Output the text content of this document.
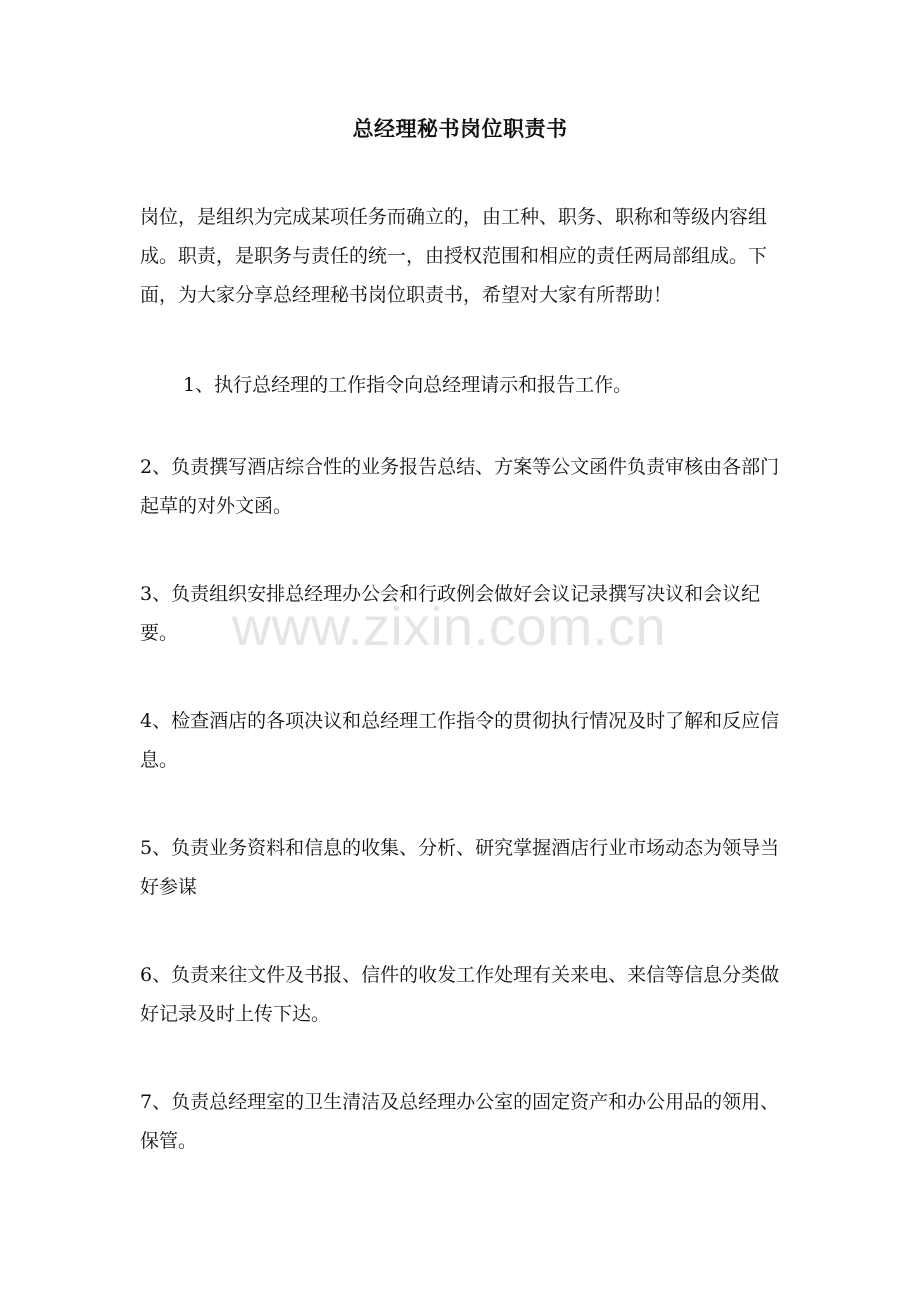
总经理秘书岗位职责书

岗位，是组织为完成某项任务而确立的，由工种、职务、职称和等级内容组成。职责，是职务与责任的统一，由授权范围和相应的责任两局部组成。下面，为大家分享总经理秘书岗位职责书，希望对大家有所帮助！

1、执行总经理的工作指令向总经理请示和报告工作。

2、负责撰写酒店综合性的业务报告总结、方案等公文函件负责审核由各部门起草的对外文函。

3、负责组织安排总经理办公会和行政例会做好会议记录撰写决议和会议纪要。

4、检查酒店的各项决议和总经理工作指令的贯彻执行情况及时了解和反应信息。

5、负责业务资料和信息的收集、分析、研究掌握酒店行业市场动态为领导当好参谋

6、负责来往文件及书报、信件的收发工作处理有关来电、来信等信息分类做好记录及时上传下达。

7、负责总经理室的卫生清洁及总经理办公室的固定资产和办公用品的领用、保管。

www.zixin.com.cn
